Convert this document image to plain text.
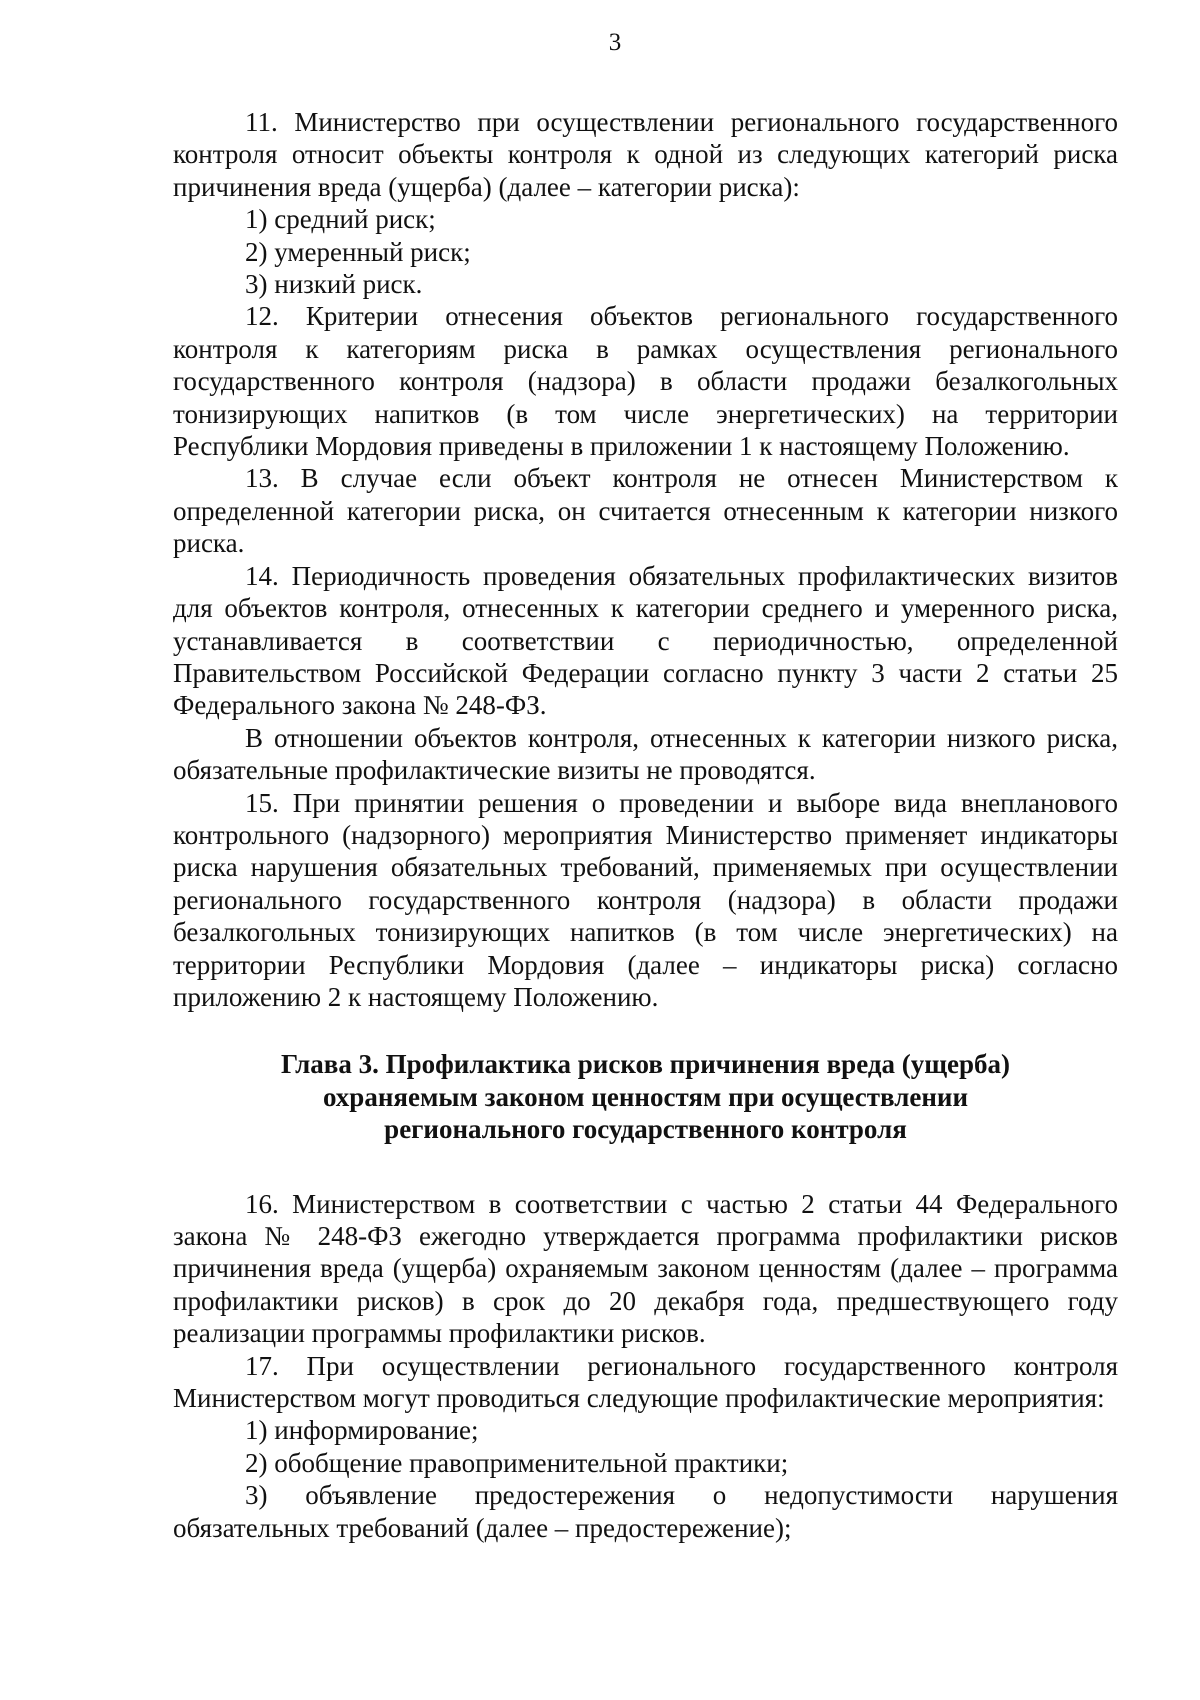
3

11. Министерство при осуществлении регионального государственного контроля относит объекты контроля к одной из следующих категорий риска причинения вреда (ущерба) (далее – категории риска):

1) средний риск;

2) умеренный риск;

3) низкий риск.

12. Критерии отнесения объектов регионального государственного контроля к категориям риска в рамках осуществления регионального государственного контроля (надзора) в области продажи безалкогольных тонизирующих напитков (в том числе энергетических) на территории Республики Мордовия приведены в приложении 1 к настоящему Положению.

13. В случае если объект контроля не отнесен Министерством к определенной категории риска, он считается отнесенным к категории низкого риска.

14. Периодичность проведения обязательных профилактических визитов для объектов контроля, отнесенных к категории среднего и умеренного риска, устанавливается в соответствии с периодичностью, определенной Правительством Российской Федерации согласно пункту 3 части 2 статьи 25 Федерального закона № 248-ФЗ.

В отношении объектов контроля, отнесенных к категории низкого риска, обязательные профилактические визиты не проводятся.

15. При принятии решения о проведении и выборе вида внепланового контрольного (надзорного) мероприятия Министерство применяет индикаторы риска нарушения обязательных требований, применяемых при осуществлении регионального государственного контроля (надзора) в области продажи безалкогольных тонизирующих напитков (в том числе энергетических) на территории Республики Мордовия (далее – индикаторы риска) согласно приложению 2 к настоящему Положению.

Глава 3. Профилактика рисков причинения вреда (ущерба)
охраняемым законом ценностям при осуществлении
регионального государственного контроля

16. Министерством в соответствии с частью 2 статьи 44 Федерального закона № 248-ФЗ ежегодно утверждается программа профилактики рисков причинения вреда (ущерба) охраняемым законом ценностям (далее – программа профилактики рисков) в срок до 20 декабря года, предшествующего году реализации программы профилактики рисков.

17. При осуществлении регионального государственного контроля Министерством могут проводиться следующие профилактические мероприятия:

1) информирование;

2) обобщение правоприменительной практики;

3) объявление предостережения о недопустимости нарушения обязательных требований (далее – предостережение);
